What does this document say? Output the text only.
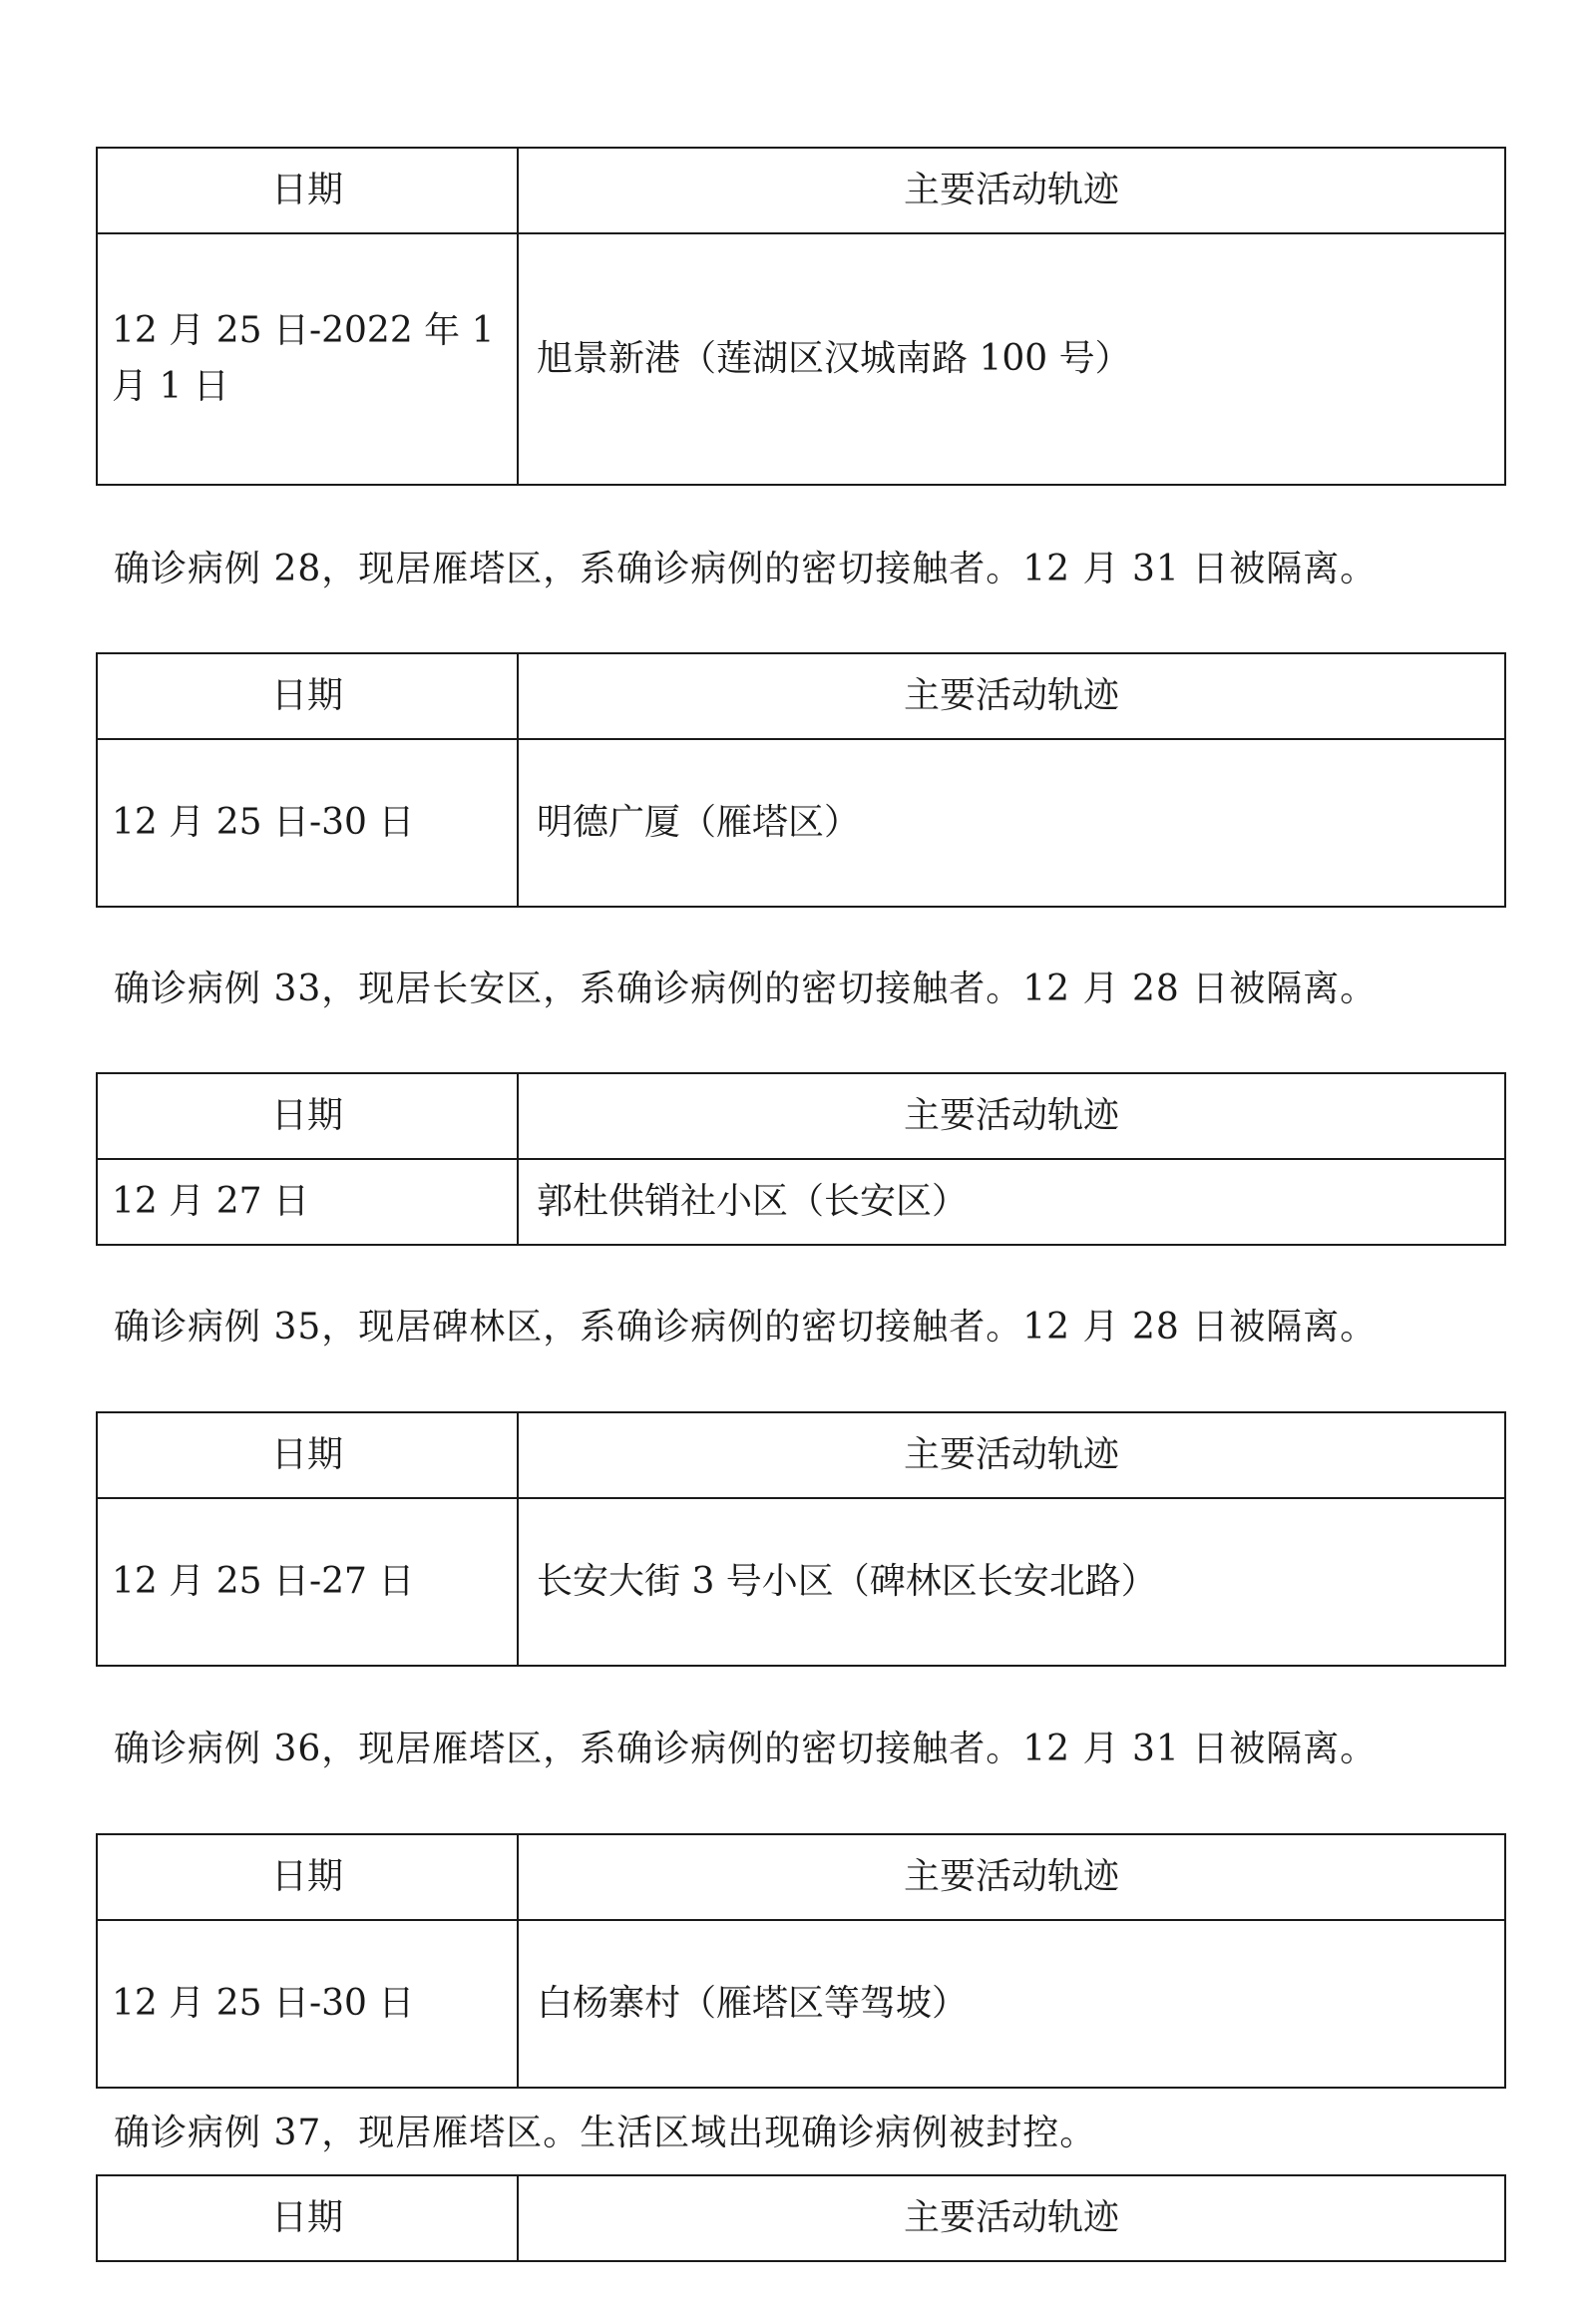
日期	主要活动轨迹
12 月 25 日-2022 年 1 月 1 日	旭景新港（莲湖区汉城南路 100 号）
确诊病例 28，现居雁塔区，系确诊病例的密切接触者。12 月 31 日被隔离。
日期	主要活动轨迹
12 月 25 日-30 日	明德广厦（雁塔区）
确诊病例 33，现居长安区，系确诊病例的密切接触者。12 月 28 日被隔离。
日期	主要活动轨迹
12 月 27 日	郭杜供销社小区（长安区）
确诊病例 35，现居碑林区，系确诊病例的密切接触者。12 月 28 日被隔离。
日期	主要活动轨迹
12 月 25 日-27 日	长安大街 3 号小区（碑林区长安北路）
确诊病例 36，现居雁塔区，系确诊病例的密切接触者。12 月 31 日被隔离。
日期	主要活动轨迹
12 月 25 日-30 日	白杨寨村（雁塔区等驾坡）
确诊病例 37，现居雁塔区。生活区域出现确诊病例被封控。
日期	主要活动轨迹
